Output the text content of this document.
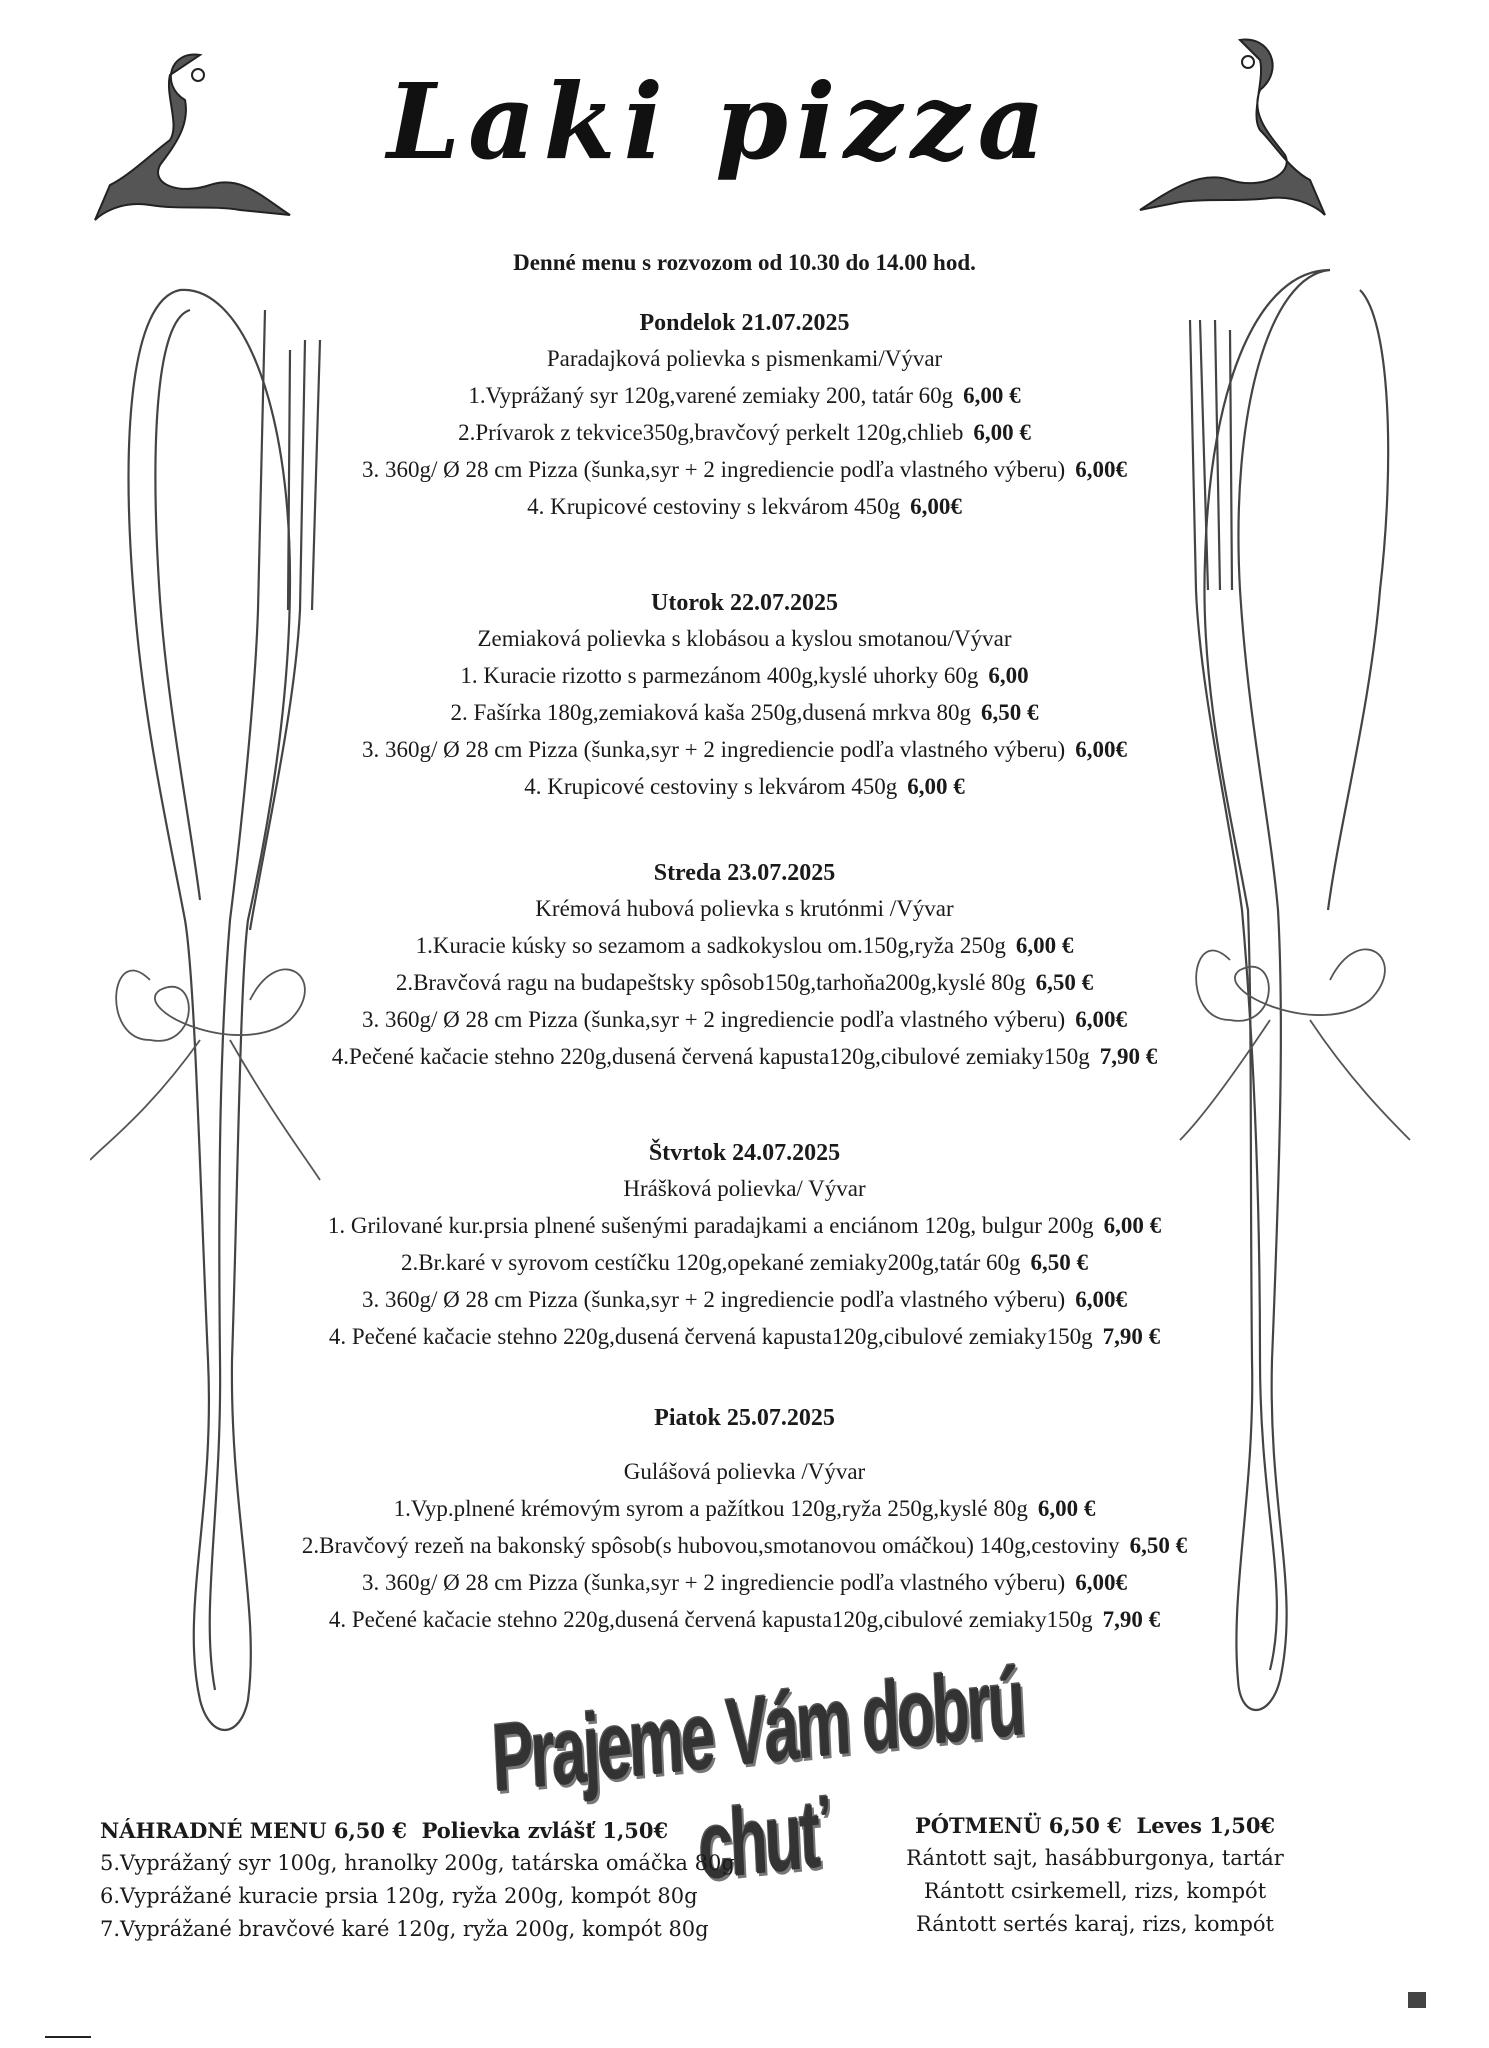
Laki pizza
Denné menu s rozvozom od 10.30 do 14.00 hod.
Pondelok 21.07.2025
Paradajková polievka s pismenkami/Vývar
1.Vyprážaný syr 120g,varené zemiaky 200, tatár 60g 6,00 €
2.Prívarok z tekvice350g,bravčový perkelt 120g,chlieb 6,00 €
3. 360g/ Ø 28 cm Pizza (šunka,syr + 2 ingrediencie podľa vlastného výberu) 6,00€
4. Krupicové cestoviny s lekvárom 450g 6,00€
Utorok 22.07.2025
Zemiaková polievka s klobásou a kyslou smotanou/Vývar
1. Kuracie rizotto s parmezánom 400g,kyslé uhorky 60g 6,00
2. Fašírka 180g,zemiaková kaša 250g,dusená mrkva 80g 6,50 €
3. 360g/ Ø 28 cm Pizza (šunka,syr + 2 ingrediencie podľa vlastného výberu) 6,00€
4. Krupicové cestoviny s lekvárom 450g 6,00 €
Streda 23.07.2025
Krémová hubová polievka s krutónmi /Vývar
1.Kuracie kúsky so sezamom a sadkokyslou om.150g,ryža 250g 6,00 €
2.Bravčová ragu na budapeštsky spôsob150g,tarhoňa200g,kyslé 80g 6,50 €
3. 360g/ Ø 28 cm Pizza (šunka,syr + 2 ingrediencie podľa vlastného výberu) 6,00€
4.Pečené kačacie stehno 220g,dusená červená kapusta120g,cibulové zemiaky150g 7,90 €
Štvrtok 24.07.2025
Hrášková polievka/ Vývar
1. Grilované kur.prsia plnené sušenými paradajkami a enciánom 120g, bulgur 200g 6,00 €
2.Br.karé v syrovom cestíčku 120g,opekané zemiaky200g,tatár 60g 6,50 €
3. 360g/ Ø 28 cm Pizza (šunka,syr + 2 ingrediencie podľa vlastného výberu) 6,00€
4. Pečené kačacie stehno 220g,dusená červená kapusta120g,cibulové zemiaky150g 7,90 €
Piatok 25.07.2025
Gulášová polievka /Vývar
1.Vyp.plnené krémovým syrom a pažítkou 120g,ryža 250g,kyslé 80g 6,00 €
2.Bravčový rezeň na bakonský spôsob(s hubovou,smotanovou omáčkou) 140g,cestoviny 6,50 €
3. 360g/ Ø 28 cm Pizza (šunka,syr + 2 ingrediencie podľa vlastného výberu) 6,00€
4. Pečené kačacie stehno 220g,dusená červená kapusta120g,cibulové zemiaky150g 7,90 €
Prajeme Vám dobrú chuť
NÁHRADNÉ MENU 6,50 € Polievka zvlášť 1,50€
5.Vyprážaný syr 100g, hranolky 200g, tatárska omáčka 80g
6.Vyprážané kuracie prsia 120g, ryža 200g, kompót 80g
7.Vyprážané bravčové karé 120g, ryža 200g, kompót 80g
PÓTMENÜ 6,50 € Leves 1,50€
Rántott sajt, hasábburgonya, tartár
Rántott csirkemell, rizs, kompót
Rántott sertés karaj, rizs, kompót
